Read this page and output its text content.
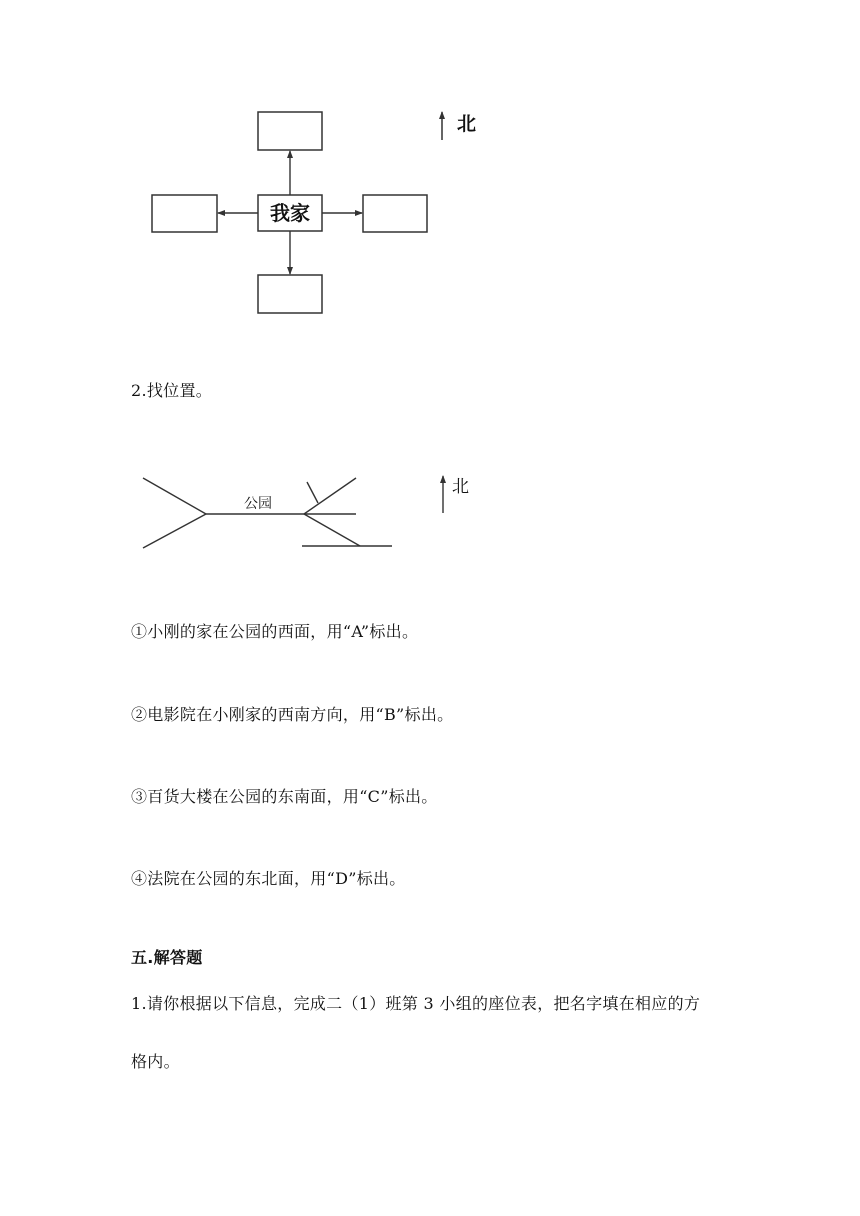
我家
北
2.找位置。
公园
北
①小刚的家在公园的西面，用“A”标出。
②电影院在小刚家的西南方向，用“B”标出。
③百货大楼在公园的东南面，用“C”标出。
④法院在公园的东北面，用“D”标出。
五.解答题
1.请你根据以下信息，完成二（1）班第 3 小组的座位表，把名字填在相应的方
格内。
